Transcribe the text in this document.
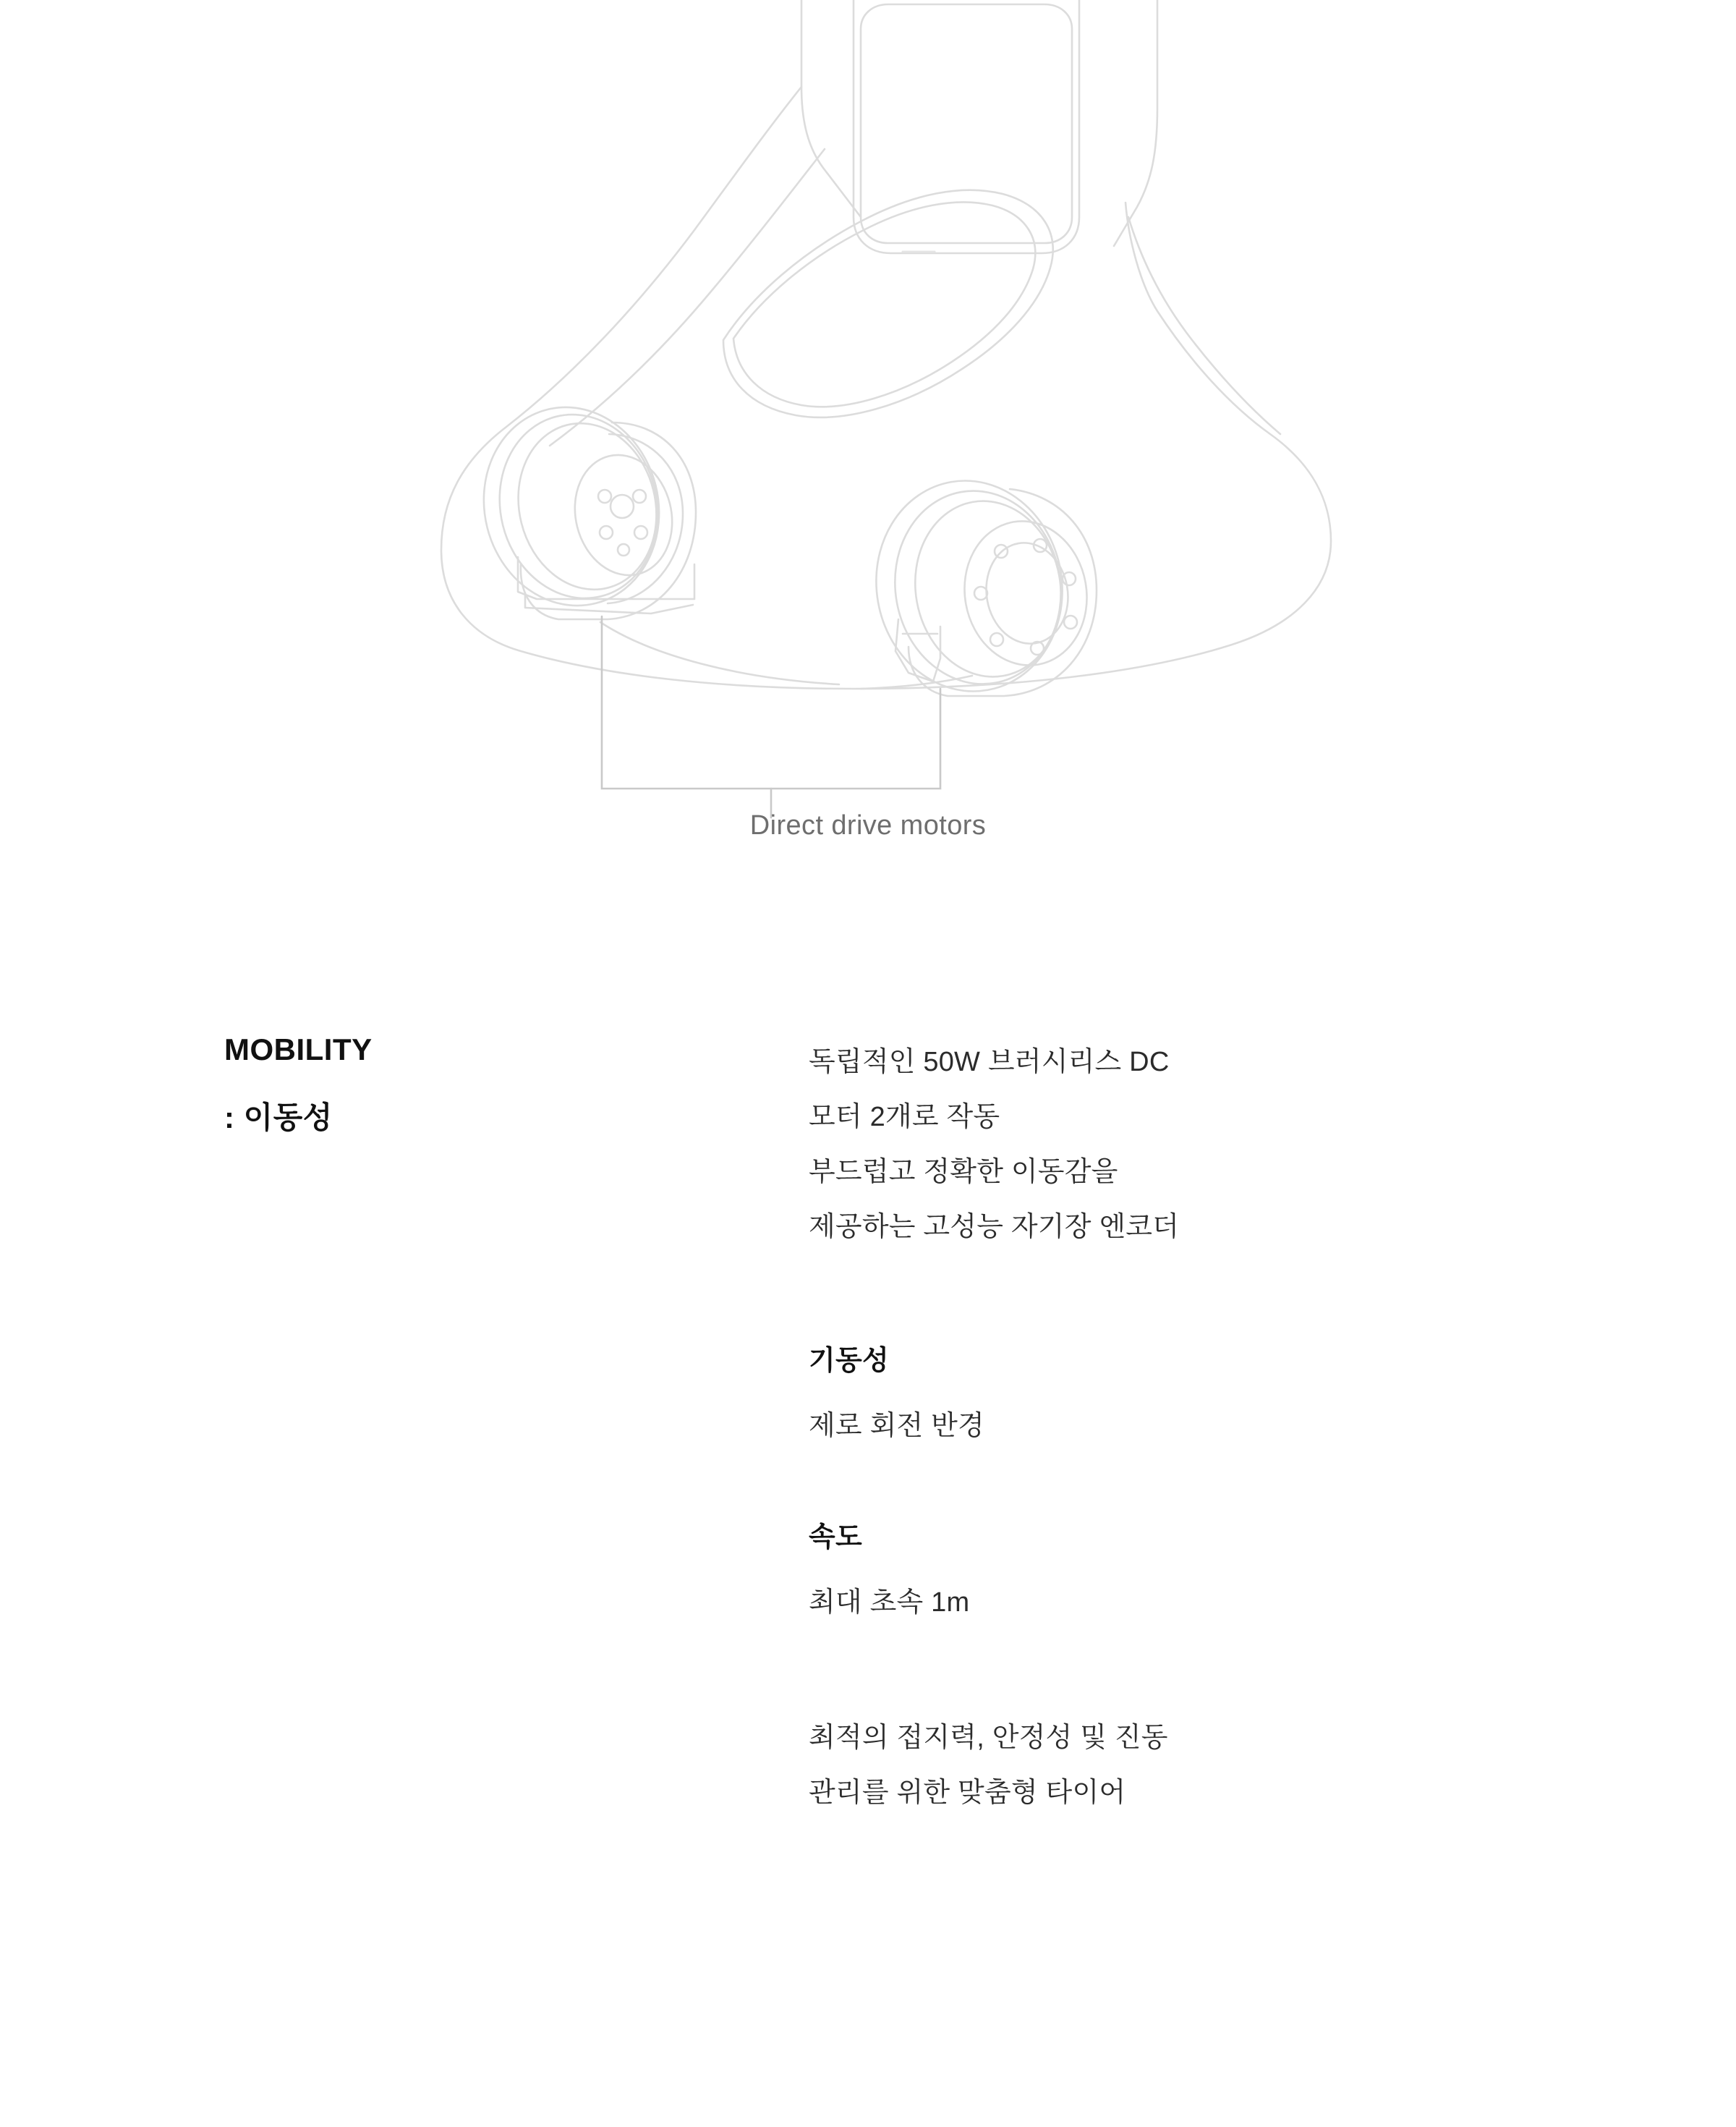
Direct drive motors
MOBILITY
: 이동성
독립적인 50W 브러시리스 DC
모터 2개로 작동
부드럽고 정확한 이동감을
제공하는 고성능 자기장 엔코더
기동성
제로 회전 반경
속도
최대 초속 1m
최적의 접지력, 안정성 및 진동
관리를 위한 맞춤형 타이어
